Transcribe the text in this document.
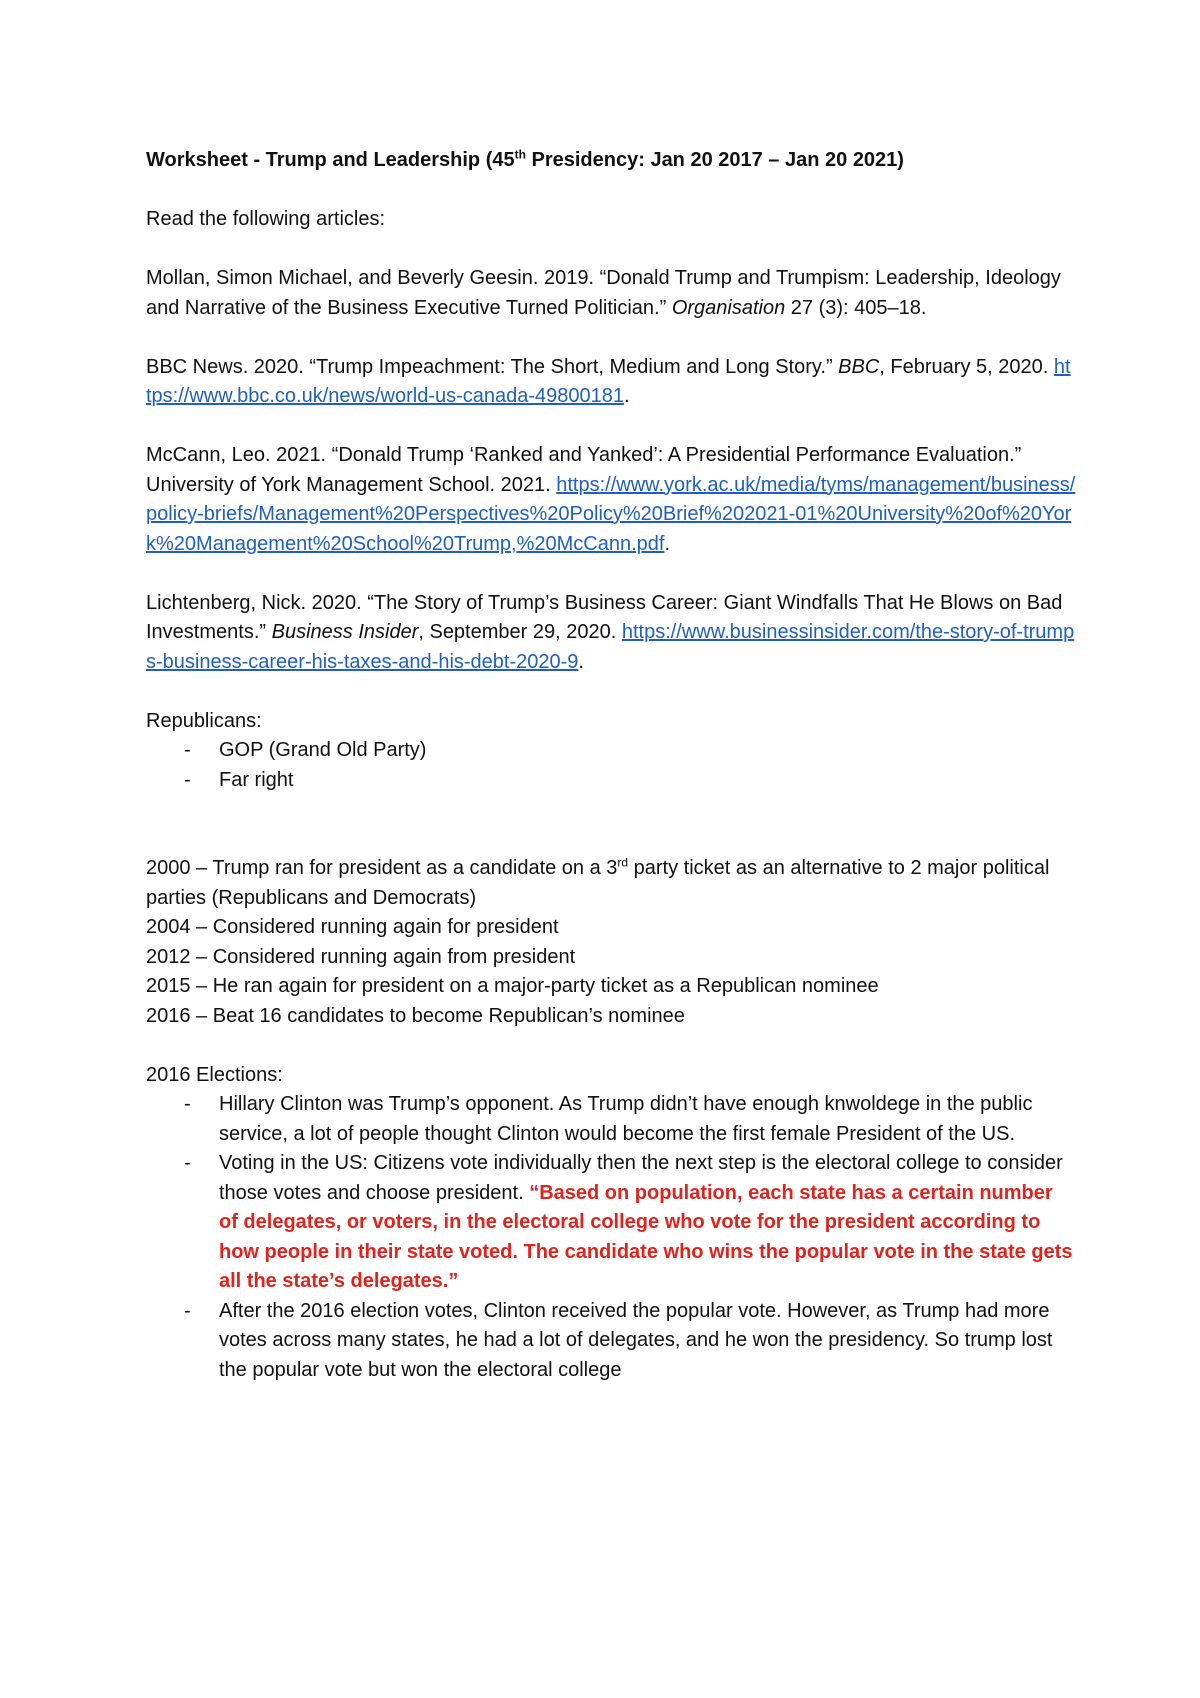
Worksheet - Trump and Leadership (45th Presidency: Jan 20 2017 – Jan 20 2021)

Read the following articles:

Mollan, Simon Michael, and Beverly Geesin. 2019. “Donald Trump and Trumpism: Leadership, Ideology and Narrative of the Business Executive Turned Politician.” Organisation 27 (3): 405–18.

BBC News. 2020. “Trump Impeachment: The Short, Medium and Long Story.” BBC, February 5, 2020. https://www.bbc.co.uk/news/world-us-canada-49800181.

McCann, Leo. 2021. “Donald Trump ‘Ranked and Yanked’: A Presidential Performance Evaluation.” University of York Management School. 2021. https://www.york.ac.uk/media/tyms/management/business/policy-briefs/Management%20Perspectives%20Policy%20Brief%202021-01%20University%20of%20York%20Management%20School%20Trump,%20McCann.pdf.

Lichtenberg, Nick. 2020. “The Story of Trump’s Business Career: Giant Windfalls That He Blows on Bad Investments.” Business Insider, September 29, 2020. https://www.businessinsider.com/the-story-of-trumps-business-career-his-taxes-and-his-debt-2020-9.

Republicans:

- GOP (Grand Old Party)
- Far right

2000 – Trump ran for president as a candidate on a 3rd party ticket as an alternative to 2 major political parties (Republicans and Democrats)

2004 – Considered running again for president

2012 – Considered running again from president

2015 – He ran again for president on a major-party ticket as a Republican nominee

2016 – Beat 16 candidates to become Republican’s nominee

2016 Elections:

- Hillary Clinton was Trump’s opponent. As Trump didn’t have enough knwoldege in the public service, a lot of people thought Clinton would become the first female President of the US.
- Voting in the US: Citizens vote individually then the next step is the electoral college to consider those votes and choose president. “Based on population, each state has a certain number of delegates, or voters, in the electoral college who vote for the president according to how people in their state voted. The candidate who wins the popular vote in the state gets all the state’s delegates.”
- After the 2016 election votes, Clinton received the popular vote. However, as Trump had more votes across many states, he had a lot of delegates, and he won the presidency. So trump lost the popular vote but won the electoral college
